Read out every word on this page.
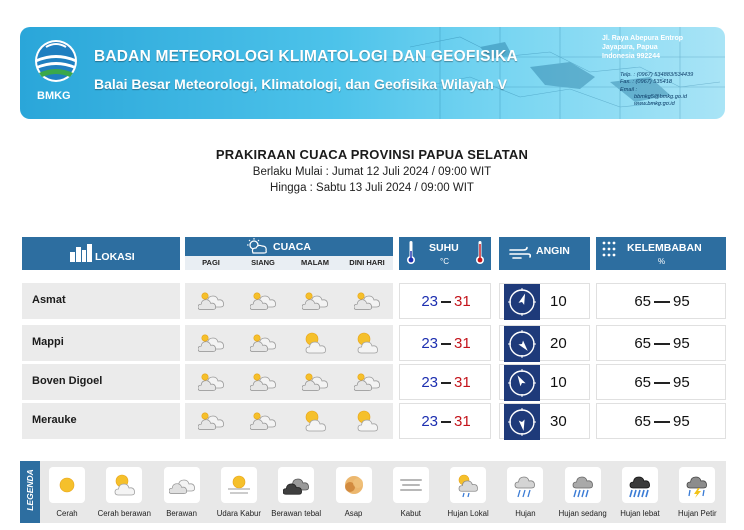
BMKG
BADAN METEOROLOGI KLIMATOLOGI DAN GEOFISIKA
Balai Besar Meteorologi, Klimatologi, dan Geofisika Wilayah V
Jl. Raya Abepura Entrop
Jayapura, Papua
Indonesia 992244
Telp. : (0967) 534883/534439
Fax. : (0967) 535418
Email :
bbmkg5@bmkg.go.id
www.bmkg.go.id
PRAKIRAAN CUACA PROVINSI PAPUA SELATAN
Berlaku Mulai : Jumat 12 Juli 2024 / 09:00 WIT
Hingga : Sabtu 13 Juli 2024 / 09:00 WIT
LOKASI
CUACA
PAGI	SIANG	MALAM	DINI HARI
SUHU
°C
ANGIN	KELEMBABAN
%
Asmat	23 31	10	65 95
Mappi	23 31	20	65 95
Boven Digoel	23 31	10	65 95
Merauke	23 31	30	65 95
LEGENDA
Cerah	Cerah berawan	Berawan	Udara Kabur	Berawan tebal	Asap	Kabut	Hujan Lokal	Hujan	Hujan sedang	Hujan lebat	Hujan Petir
